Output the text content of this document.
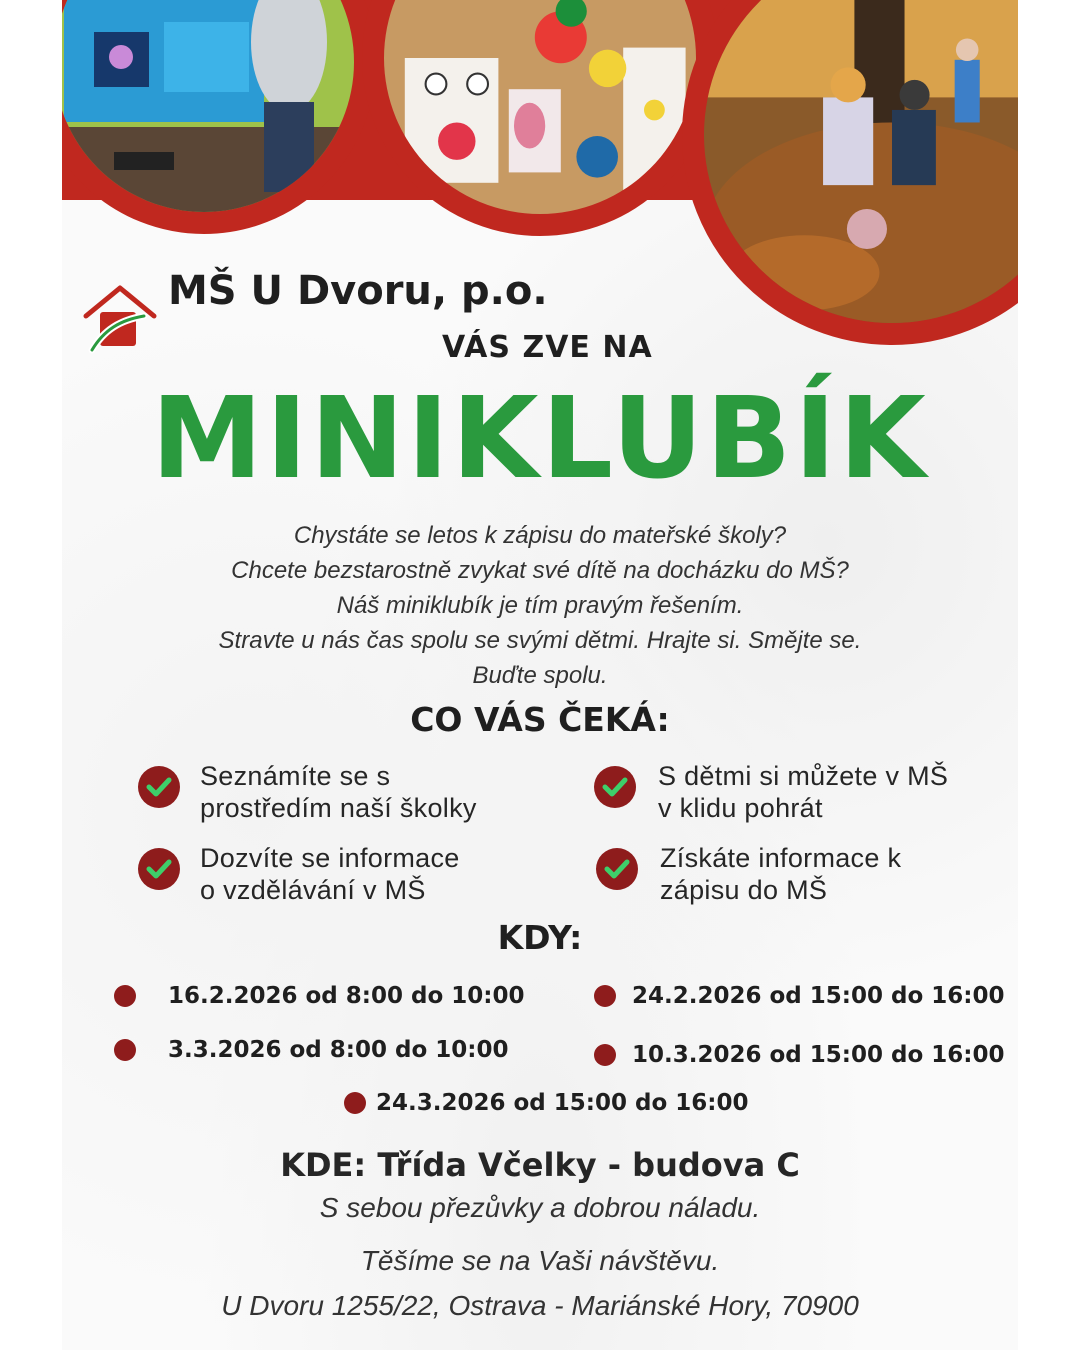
MŠ U Dvoru, p.o.
VÁS ZVE NA
MINIKLUBÍK
Chystáte se letos k zápisu do mateřské školy?
Chcete bezstarostně zvykat své dítě na docházku do MŠ?
Náš miniklubík je tím pravým řešením.
Stravte u nás čas spolu se svými dětmi. Hrajte si. Smějte se.
Buďte spolu.
CO VÁS ČEKÁ:
Seznámíte se s
prostředím naší školky
S dětmi si můžete v MŠ
v klidu pohrát
Dozvíte se informace
o vzdělávání v MŠ
Získáte informace k
zápisu do MŠ
KDY:
16.2.2026 od 8:00 do 10:00	24.2.2026 od 15:00 do 16:00
3.3.2026 od 8:00 do 10:00	10.3.2026 od 15:00 do 16:00
24.3.2026 od 15:00 do 16:00
KDE: Třída Včelky - budova C
S sebou přezůvky a dobrou náladu.
Těšíme se na Vaši návštěvu.
U Dvoru 1255/22, Ostrava - Mariánské Hory, 70900
